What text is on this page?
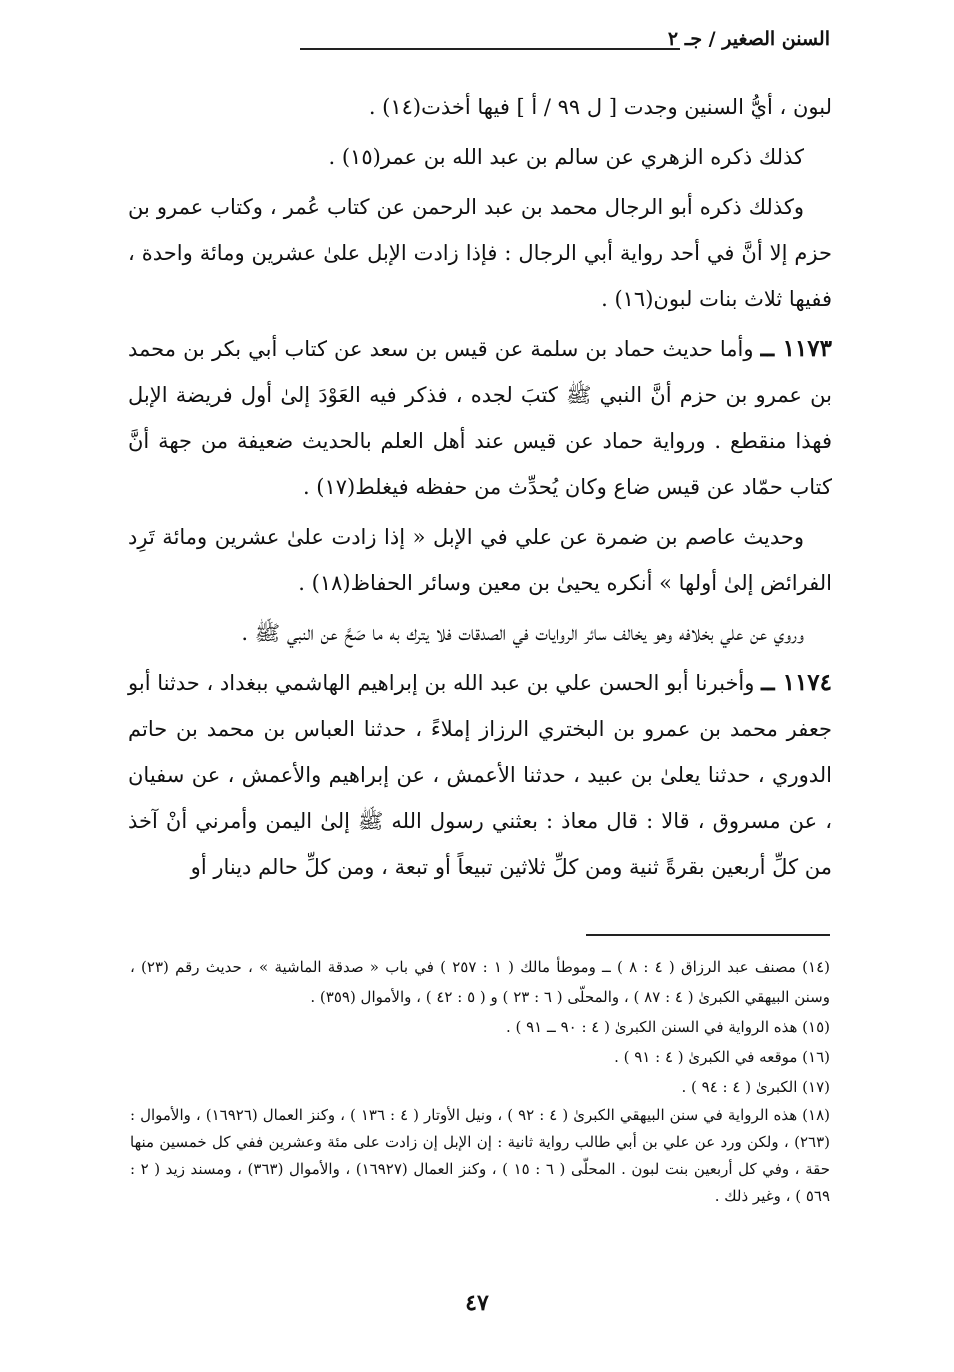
السنن الصغير / جـ ٢

لبون ، أيُّ السنين وجدت [ ل ٩٩ / أ ] فيها أخذت(١٤) .

كذلك ذكره الزهري عن سالم بن عبد الله بن عمر(١٥) .

وكذلك ذكره أبو الرجال محمد بن عبد الرحمن عن كتاب عُمر ، وكتاب عمرو بن حزم إلا أنَّ في أحد رواية أبي الرجال : فإذا زادت الإبل علىٰ عشرين ومائة واحدة ، ففيها ثلاث بنات لبون(١٦) .

١١٧٣ ــ وأما حديث حماد بن سلمة عن قيس بن سعد عن كتاب أبي بكر بن محمد بن عمرو بن حزم أنَّ النبي ﷺ كتبَ لجده ، فذكر فيه العَوْدَ إلىٰ أول فريضة الإبل فهذا منقطع . ورواية حماد عن قيس عند أهل العلم بالحديث ضعيفة من جهة أنَّ كتاب حمّاد عن قيس ضاع وكان يُحدِّث من حفظه فيغلط(١٧) .

وحديث عاصم بن ضمرة عن علي في الإبل « إذا زادت علىٰ عشرين ومائة تَرِد الفرائض إلىٰ أولها » أنكره يحيىٰ بن معين وسائر الحفاظ(١٨) .

وروي عن علي بخلافه وهو يخالف سائر الروايات في الصدقات فلا يترك به ما صَحَّ عن النبي ﷺ .

١١٧٤ ــ وأخبرنا أبو الحسن علي بن عبد الله بن إبراهيم الهاشمي ببغداد ، حدثنا أبو جعفر محمد بن عمرو بن البختري الرزاز إملاءً ، حدثنا العباس بن محمد بن حاتم الدوري ، حدثنا يعلىٰ بن عبيد ، حدثنا الأعمش ، عن إبراهيم والأعمش ، عن سفيان ، عن مسروق ، قالا : قال معاذ : بعثني رسول الله ﷺ إلىٰ اليمن وأمرني أنْ آخذ من كلِّ أربعين بقرةً ثنية ومن كلِّ ثلاثين تبيعاً أو تبعة ، ومن كلِّ حالم دينار أو

(١٤) مصنف عبد الرزاق ( ٤ : ٨ ) ــ وموطأ مالك ( ١ : ٢٥٧ ) في باب « صدقة الماشية » ، حديث رقم (٢٣) ، وسنن البيهقي الكبرىٰ ( ٤ : ٨٧ ) ، والمحلّى ( ٦ : ٢٣ ) و ( ٥ : ٤٢ ) ، والأموال (٣٥٩) .

(١٥) هذه الرواية في السنن الكبرىٰ ( ٤ : ٩٠ ــ ٩١ ) .

(١٦) موقعه في الكبرىٰ ( ٤ : ٩١ ) .

(١٧) الكبرىٰ ( ٤ : ٩٤ ) .

(١٨) هذه الرواية في سنن البيهقي الكبرىٰ ( ٤ : ٩٢ ) ، ونيل الأوتار ( ٤ : ١٣٦ ) ، وكنز العمال (١٦٩٢٦) ، والأموال : (٢٦٣) ، ولكن ورد عن علي بن أبي طالب رواية ثانية : إن الإبل إن زادت على مئة وعشرين ففي كل خمسين منها حقة ، وفي كل أربعين بنت لبون . المحلّى ( ٦ : ١٥ ) ، وكنز العمال (١٦٩٢٧) ، والأموال (٣٦٣) ، ومسند زيد ( ٢ : ٥٦٩ ) ، وغير ذلك .

٤٧
